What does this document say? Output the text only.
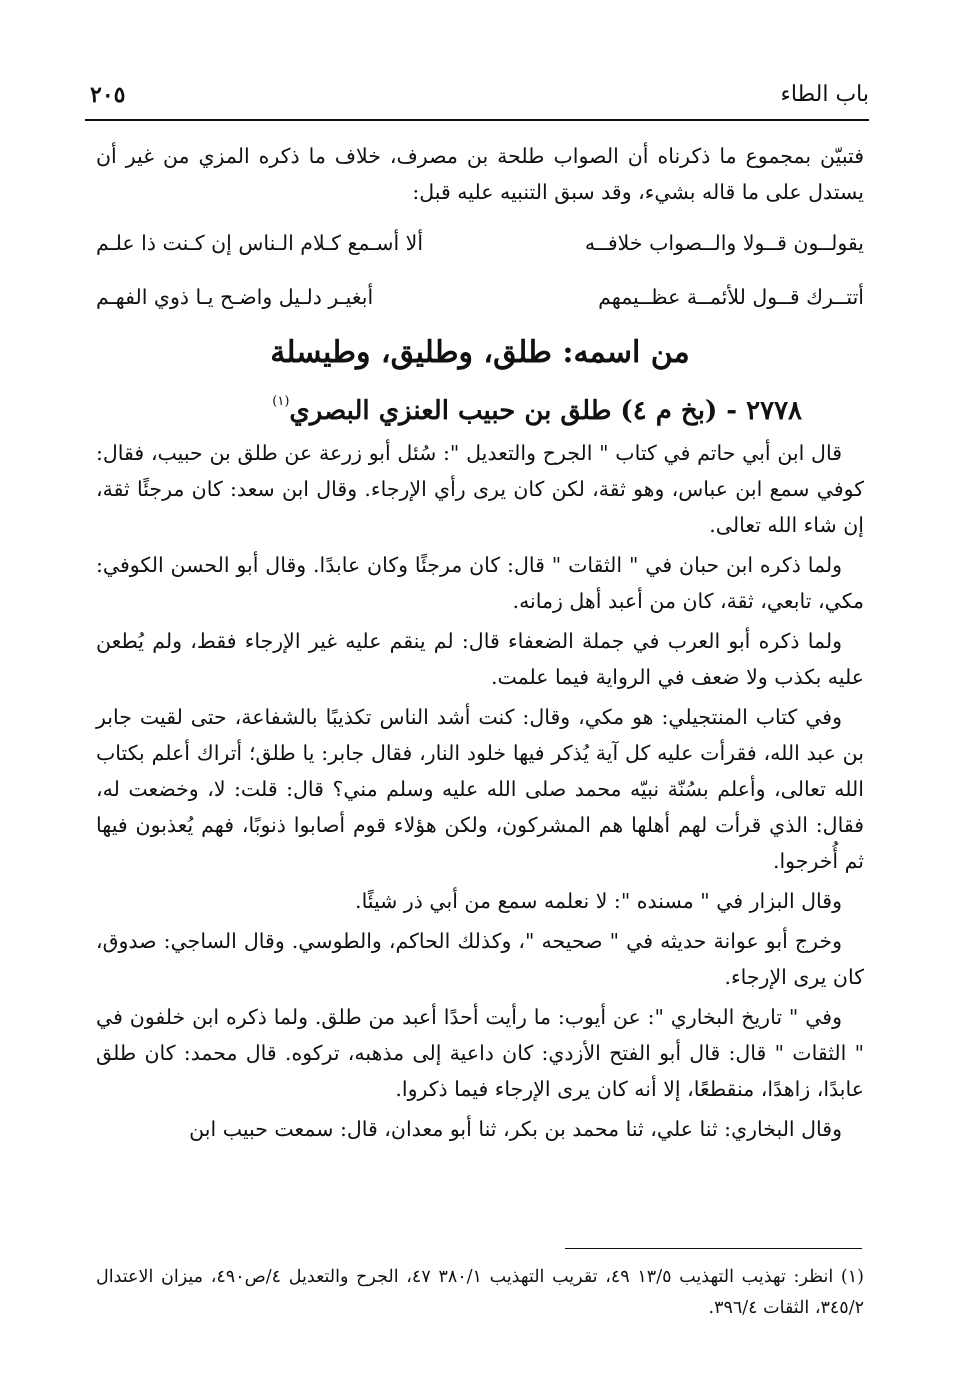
باب الطاء
٢٠٥

فتبيّن بمجموع ما ذكرناه أن الصواب طلحة بن مصرف، خلاف ما ذكره المزي من غير أن يستدل على ما قاله بشيء، وقد سبق التنبيه عليه قبل:

يقولــون قــولا والــصواب خلافــه
ألا أسـمع كـلام الـناس إن كـنت ذا علـم
أتتــرك قــول للأئمــة عظــيمهم
أبغيـر دلـيل واضـح يـا ذوي الفهـم
من اسمه: طلق، وطليق، وطيسلة
٢٧٧٨ - (بخ م ٤) طلق بن حبيب العنزي البصري$^{(١)}$

قال ابن أبي حاتم في كتاب " الجرح والتعديل ": سُئل أبو زرعة عن طلق بن حبيب، فقال: كوفي سمع ابن عباس، وهو ثقة، لكن كان يرى رأي الإرجاء. وقال ابن سعد: كان مرجئًا ثقة، إن شاء الله تعالى.

ولما ذكره ابن حبان في " الثقات " قال: كان مرجئًا وكان عابدًا. وقال أبو الحسن الكوفي: مكي، تابعي، ثقة، كان من أعبد أهل زمانه.

ولما ذكره أبو العرب في جملة الضعفاء قال: لم ينقم عليه غير الإرجاء فقط، ولم يُطعن عليه بكذب ولا ضعف في الرواية فيما علمت.

وفي كتاب المنتجيلي: هو مكي، وقال: كنت أشد الناس تكذيبًا بالشفاعة، حتى لقيت جابر بن عبد الله، فقرأت عليه كل آية يُذكر فيها خلود النار، فقال جابر: يا طلق؛ أتراك أعلم بكتاب الله تعالى، وأعلم بسُنّة نبيّه محمد صلى الله عليه وسلم مني؟ قال: قلت: لا، وخضعت له، فقال: الذي قرأت لهم أهلها هم المشركون، ولكن هؤلاء قوم أصابوا ذنوبًا، فهم يُعذبون فيها ثم أُخرجوا.

وقال البزار في " مسنده ": لا نعلمه سمع من أبي ذر شيئًا.

وخرج أبو عوانة حديثه في " صحيحه "، وكذلك الحاكم، والطوسي. وقال الساجي: صدوق، كان يرى الإرجاء.

وفي " تاريخ البخاري ": عن أيوب: ما رأيت أحدًا أعبد من طلق. ولما ذكره ابن خلفون في " الثقات " قال: قال أبو الفتح الأزدي: كان داعية إلى مذهبه، تركوه. قال محمد: كان طلق عابدًا، زاهدًا، منقطعًا، إلا أنه كان يرى الإرجاء فيما ذكروا.

وقال البخاري: ثنا علي، ثنا محمد بن بكر، ثنا أبو معدان، قال: سمعت حبيب ابن

(١) انظر: تهذيب التهذيب ١٣/٥ ٤٩، تقريب التهذيب ٣٨٠/١ ٤٧، الجرح والتعديل ٤/ص٤٩٠، ميزان الاعتدال ٣٤٥/٢، الثقات ٣٩٦/٤.
